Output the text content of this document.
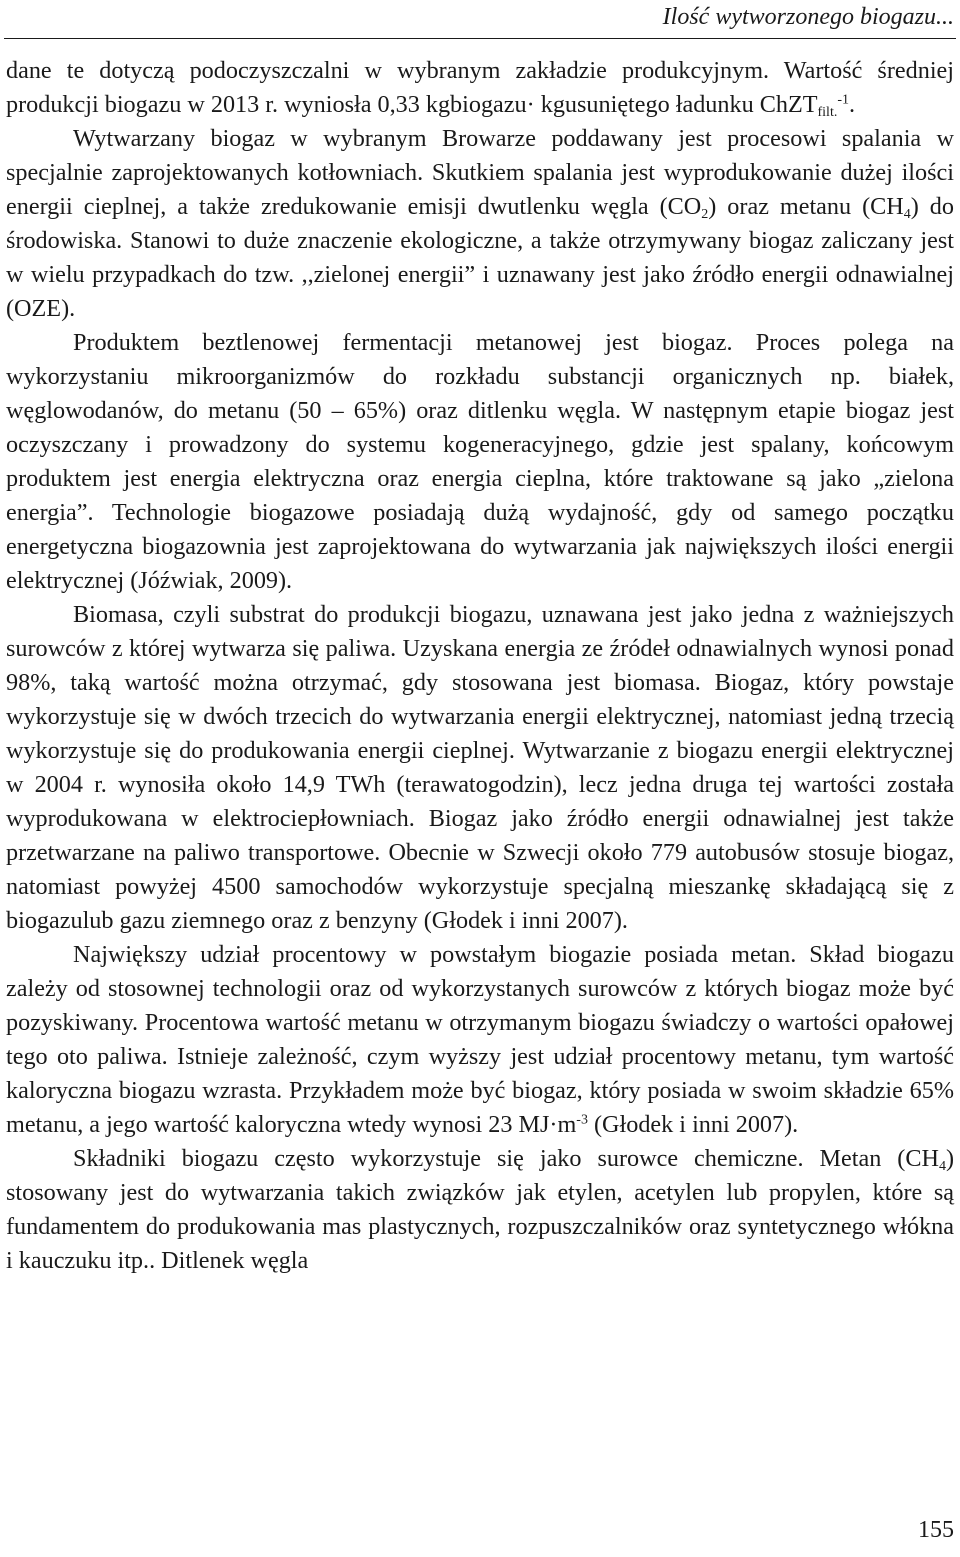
Ilość wytworzonego biogazu...

dane te dotyczą podoczyszczalni w wybranym zakładzie produkcyjnym. Wartość średniej produkcji biogazu w 2013 r. wyniosła 0,33 kgbiogazu· kgusuniętego ładunku ChZT$_{filt.}^{-1}$.

Wytwarzany biogaz w wybranym Browarze poddawany jest procesowi spalania w specjalnie zaprojektowanych kotłowniach. Skutkiem spalania jest wyprodukowanie dużej ilości energii cieplnej, a także zredukowanie emisji dwutlenku węgla $(CO_2)$ oraz metanu $(CH_4)$ do środowiska. Stanowi to duże znaczenie ekologiczne, a także otrzymywany biogaz zaliczany jest w wielu przypadkach do tzw. ,,zielonej energii” i uznawany jest jako źródło energii odnawialnej (OZE).

Produktem beztlenowej fermentacji metanowej jest biogaz. Proces polega na wykorzystaniu mikroorganizmów do rozkładu substancji organicznych np. białek, węglowodanów, do metanu (50 – 65%) oraz ditlenku węgla. W następnym etapie biogaz jest oczyszczany i prowadzony do systemu kogeneracyjnego, gdzie jest spalany, końcowym produktem jest energia elektryczna oraz energia cieplna, które traktowane są jako „zielona energia”. Technologie biogazowe posiadają dużą wydajność, gdy od samego początku energetyczna biogazownia jest zaprojektowana do wytwarzania jak największych ilości energii elektrycznej (Jóźwiak, 2009).

Biomasa, czyli substrat do produkcji biogazu, uznawana jest jako jedna z ważniejszych surowców z której wytwarza się paliwa. Uzyskana energia ze źródeł odnawialnych wynosi ponad 98%, taką wartość można otrzymać, gdy stosowana jest biomasa. Biogaz, który powstaje wykorzystuje się w dwóch trzecich do wytwarzania energii elektrycznej, natomiast jedną trzecią wykorzystuje się do produkowania energii cieplnej. Wytwarzanie z biogazu energii elektrycznej w 2004 r. wynosiła około 14,9 TWh (terawatogodzin), lecz jedna druga tej wartości została wyprodukowana w elektrociepłowniach. Biogaz jako źródło energii odnawialnej jest także przetwarzane na paliwo transportowe. Obecnie w Szwecji około 779 autobusów stosuje biogaz, natomiast powyżej 4500 samochodów wykorzystuje specjalną mieszankę składającą się z biogazulub gazu ziemnego oraz z benzyny (Głodek i inni 2007).

Największy udział procentowy w powstałym biogazie posiada metan. Skład biogazu zależy od stosownej technologii oraz od wykorzystanych surowców z których biogaz może być pozyskiwany. Procentowa wartość metanu w otrzymanym biogazu świadczy o wartości opałowej tego oto paliwa. Istnieje zależność, czym wyższy jest udział procentowy metanu, tym wartość kaloryczna biogazu wzrasta. Przykładem może być biogaz, który posiada w swoim składzie 65% metanu, a jego wartość kaloryczna wtedy wynosi 23 $MJ\cdot m^{-3}$ (Głodek i inni 2007).

Składniki biogazu często wykorzystuje się jako surowce chemiczne. Metan $(CH_4)$ stosowany jest do wytwarzania takich związków jak etylen, acetylen lub propylen, które są fundamentem do produkowania mas plastycznych, rozpuszczalników oraz syntetycznego włókna i kauczuku itp.. Ditlenek węgla

155
